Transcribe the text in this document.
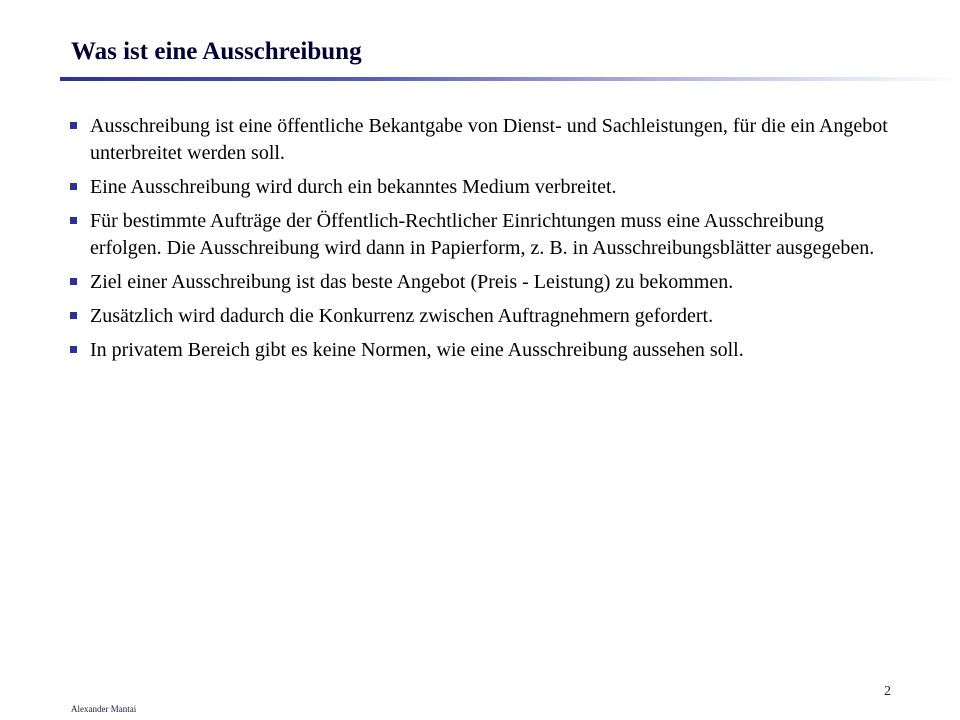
Was ist eine Ausschreibung
Ausschreibung ist eine öffentliche Bekantgabe von Dienst- und Sachleistungen, für die ein Angebot unterbreitet werden soll.
Eine Ausschreibung wird durch ein bekanntes Medium verbreitet.
Für bestimmte Aufträge der Öffentlich-Rechtlicher Einrichtungen muss eine Ausschreibung erfolgen. Die Ausschreibung wird dann in Papierform, z. B. in Ausschreibungsblätter ausgegeben.
Ziel einer Ausschreibung ist das beste Angebot (Preis - Leistung) zu bekommen.
Zusätzlich wird dadurch die Konkurrenz zwischen Auftragnehmern gefordert.
In privatem Bereich gibt es keine Normen, wie eine Ausschreibung aussehen soll.
2
Alexander Mantai
